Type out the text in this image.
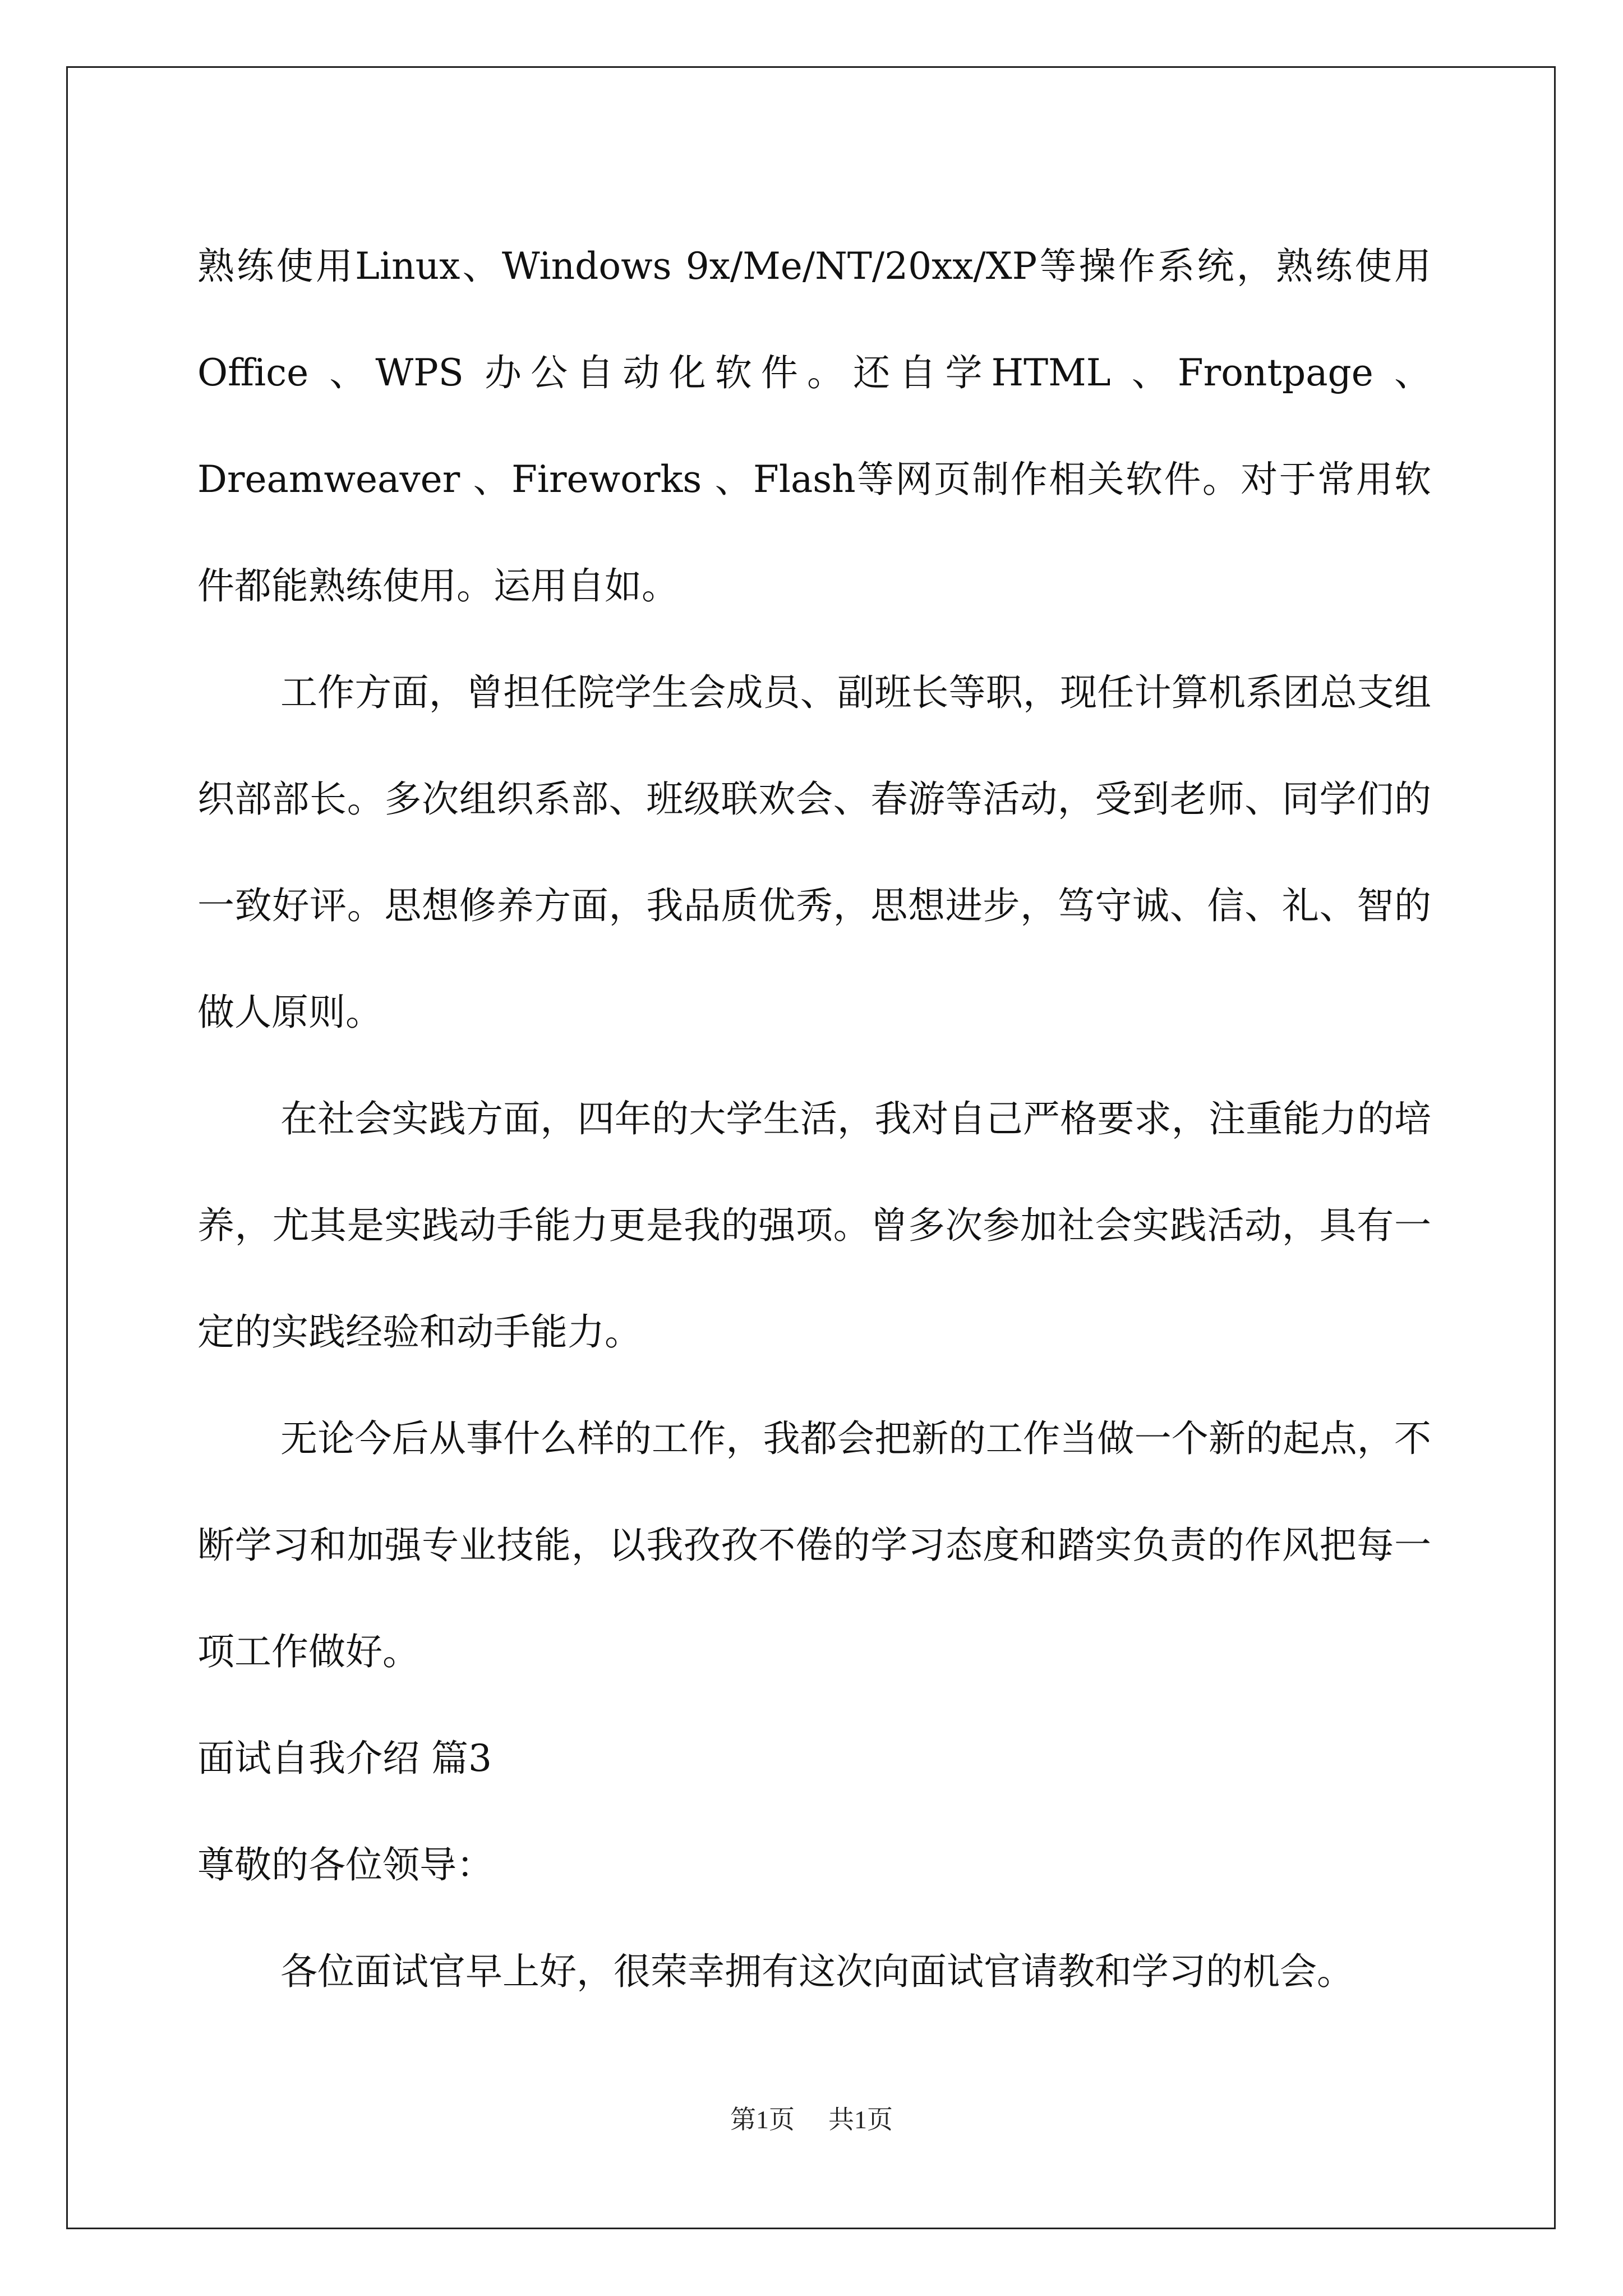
熟练使用Linux、Windows 9x/Me/NT/20xx/XP等操作系统，熟练使用Office 、WPS 办公自动化软件。还自学HTML 、Frontpage 、Dreamweaver 、Fireworks 、Flash等网页制作相关软件。对于常用软件都能熟练使用。运用自如。

工作方面，曾担任院学生会成员、副班长等职，现任计算机系团总支组织部部长。多次组织系部、班级联欢会、春游等活动，受到老师、同学们的一致好评。思想修养方面，我品质优秀，思想进步，笃守诚、信、礼、智的做人原则。

在社会实践方面，四年的大学生活，我对自己严格要求，注重能力的培养，尤其是实践动手能力更是我的强项。曾多次参加社会实践活动，具有一定的实践经验和动手能力。

无论今后从事什么样的工作，我都会把新的工作当做一个新的起点，不断学习和加强专业技能，以我孜孜不倦的学习态度和踏实负责的作风把每一项工作做好。

面试自我介绍 篇3

尊敬的各位领导：

各位面试官早上好，很荣幸拥有这次向面试官请教和学习的机会。

第1页 共1页
